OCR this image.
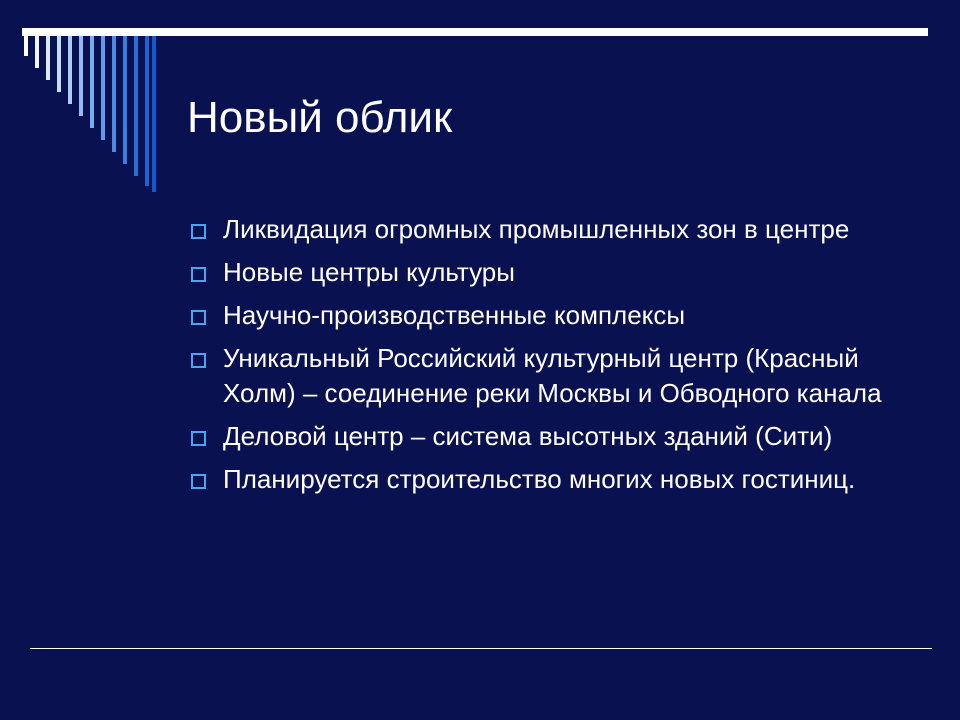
Новый облик
Ликвидация огромных промышленных зон в центре
Новые центры культуры
Научно-производственные комплексы
Уникальный Российский культурный центр (Красный Холм) – соединение реки Москвы и Обводного канала
Деловой центр – система высотных зданий (Сити)
Планируется строительство многих новых гостиниц.
